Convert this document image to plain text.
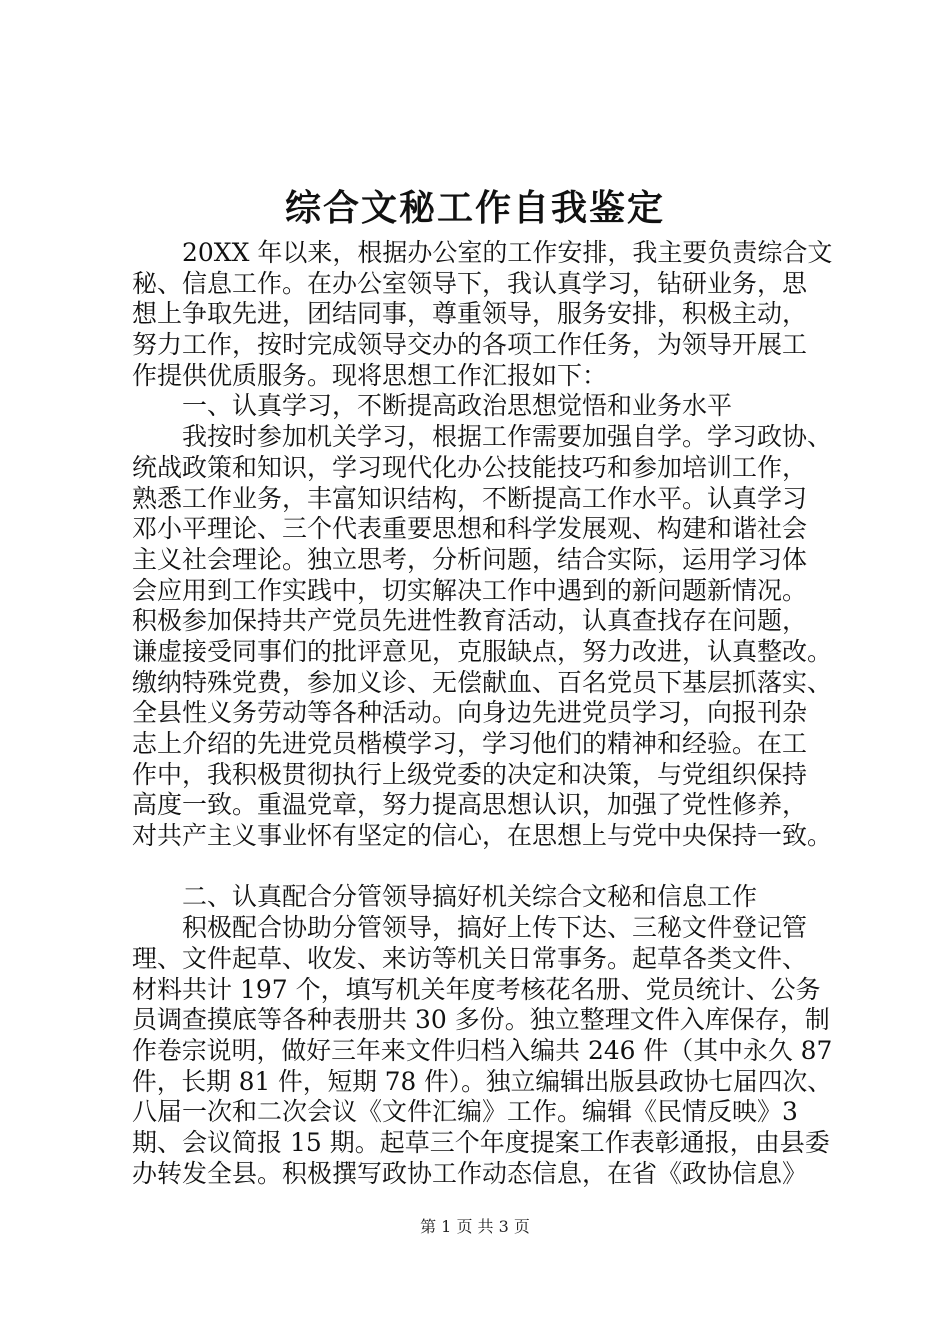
综合文秘工作自我鉴定
　　20XX 年以来，根据办公室的工作安排，我主要负责综合文
秘、信息工作。在办公室领导下，我认真学习，钻研业务，思
想上争取先进，团结同事，尊重领导，服务安排，积极主动，
努力工作，按时完成领导交办的各项工作任务，为领导开展工
作提供优质服务。现将思想工作汇报如下：
　　一、认真学习，不断提高政治思想觉悟和业务水平
　　我按时参加机关学习，根据工作需要加强自学。学习政协、
统战政策和知识，学习现代化办公技能技巧和参加培训工作，
熟悉工作业务，丰富知识结构，不断提高工作水平。认真学习
邓小平理论、三个代表重要思想和科学发展观、构建和谐社会
主义社会理论。独立思考，分析问题，结合实际，运用学习体
会应用到工作实践中，切实解决工作中遇到的新问题新情况。
积极参加保持共产党员先进性教育活动，认真查找存在问题，
谦虚接受同事们的批评意见，克服缺点，努力改进，认真整改。
缴纳特殊党费，参加义诊、无偿献血、百名党员下基层抓落实、
全县性义务劳动等各种活动。向身边先进党员学习，向报刊杂
志上介绍的先进党员楷模学习，学习他们的精神和经验。在工
作中，我积极贯彻执行上级党委的决定和决策，与党组织保持
高度一致。重温党章，努力提高思想认识，加强了党性修养，
对共产主义事业怀有坚定的信心，在思想上与党中央保持一致。
　　二、认真配合分管领导搞好机关综合文秘和信息工作
　　积极配合协助分管领导，搞好上传下达、三秘文件登记管
理、文件起草、收发、来访等机关日常事务。起草各类文件、
材料共计 197 个，填写机关年度考核花名册、党员统计、公务
员调查摸底等各种表册共 30 多份。独立整理文件入库保存，制
作卷宗说明，做好三年来文件归档入编共 246 件（其中永久 87
件，长期 81 件，短期 78 件）。独立编辑出版县政协七届四次、
八届一次和二次会议《文件汇编》工作。编辑《民情反映》3
期、会议简报 15 期。起草三个年度提案工作表彰通报，由县委
办转发全县。积极撰写政协工作动态信息，在省《政协信息》
第 1 页 共 3 页
